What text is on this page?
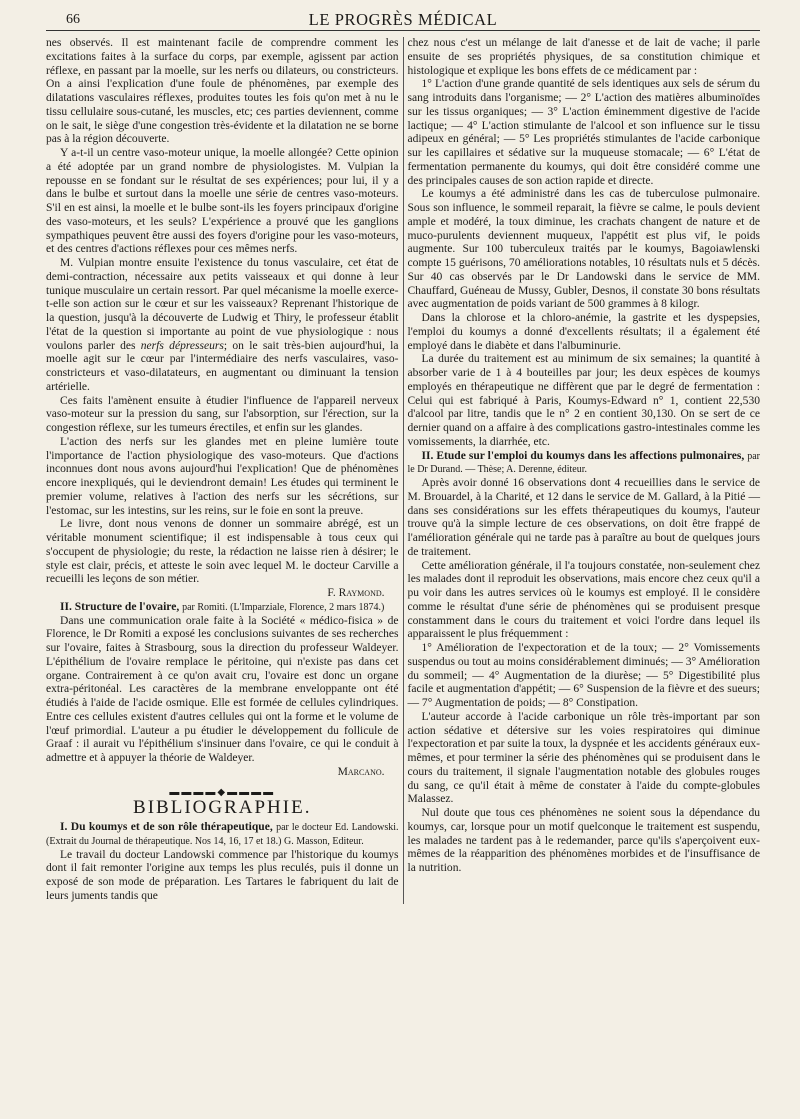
66	LE PROGRÈS MÉDICAL

nes observés. Il est maintenant facile de comprendre comment les excitations faites à la surface du corps, par exemple, agissent par action réflexe, en passant par la moelle, sur les nerfs ou dilateurs, ou constricteurs. On a ainsi l'explication d'une foule de phénomènes, par exemple des dilatations vasculaires réflexes, produites toutes les fois qu'on met à nu le tissu cellulaire sous-cutané, les muscles, etc; ces parties deviennent, comme on le sait, le siège d'une congestion très-évidente et la dilatation ne se borne pas à la région découverte.

Y a-t-il un centre vaso-moteur unique, la moelle allongée? Cette opinion a été adoptée par un grand nombre de physiologistes. M. Vulpian la repousse en se fondant sur le résultat de ses expériences; pour lui, il y a dans le bulbe et surtout dans la moelle une série de centres vaso-moteurs. S'il en est ainsi, la moelle et le bulbe sont-ils les foyers principaux d'origine des vaso-moteurs, et les seuls? L'expérience a prouvé que les ganglions sympathiques peuvent être aussi des foyers d'origine pour les vaso-moteurs, et des centres d'actions réflexes pour ces mêmes nerfs.

M. Vulpian montre ensuite l'existence du tonus vasculaire, cet état de demi-contraction, nécessaire aux petits vaisseaux et qui donne à leur tunique musculaire un certain ressort. Par quel mécanisme la moelle exerce-t-elle son action sur le cœur et sur les vaisseaux? Reprenant l'historique de la question, jusqu'à la découverte de Ludwig et Thiry, le professeur établit l'état de la question si importante au point de vue physiologique : nous voulons parler des nerfs dépresseurs; on le sait très-bien aujourd'hui, la moelle agit sur le cœur par l'intermédiaire des nerfs vasculaires, vaso-constricteurs et vaso-dilatateurs, en augmentant ou diminuant la tension artérielle.

Ces faits l'amènent ensuite à étudier l'influence de l'appareil nerveux vaso-moteur sur la pression du sang, sur l'absorption, sur l'érection, sur la congestion réflexe, sur les tumeurs érectiles, et enfin sur les glandes.

L'action des nerfs sur les glandes met en pleine lumière toute l'importance de l'action physiologique des vaso-moteurs. Que d'actions inconnues dont nous avons aujourd'hui l'explication! Que de phénomènes encore inexpliqués, qui le deviendront demain! Les études qui terminent le premier volume, relatives à l'action des nerfs sur les sécrétions, sur l'estomac, sur les intestins, sur les reins, sur le foie en sont la preuve.

Le livre, dont nous venons de donner un sommaire abrégé, est un véritable monument scientifique; il est indispensable à tous ceux qui s'occupent de physiologie; du reste, la rédaction ne laisse rien à désirer; le style est clair, précis, et atteste le soin avec lequel M. le docteur Carville a recueilli les leçons de son métier.

F. Raymond.

II. Structure de l'ovaire, par Romiti. (L'Imparziale, Florence, 2 mars 1874.)

Dans une communication orale faite à la Société « médico-fisica » de Florence, le Dr Romiti a exposé les conclusions suivantes de ses recherches sur l'ovaire, faites à Strasbourg, sous la direction du professeur Waldeyer. L'épithélium de l'ovaire remplace le péritoine, qui n'existe pas dans cet organe. Contrairement à ce qu'on avait cru, l'ovaire est donc un organe extra-péritonéal. Les caractères de la membrane enveloppante ont été étudiés à l'aide de l'acide osmique. Elle est formée de cellules cylindriques. Entre ces cellules existent d'autres cellules qui ont la forme et le volume de l'œuf primordial. L'auteur a pu étudier le développement du follicule de Graaf : il aurait vu l'épithélium s'insinuer dans l'ovaire, ce qui le conduit à admettre et à appuyer la théorie de Waldeyer.

Marcano.
▬▬▬▬◆▬▬▬▬
BIBLIOGRAPHIE.

I. Du koumys et de son rôle thérapeutique, par le docteur Ed. Landowski. (Extrait du Journal de thérapeutique. Nos 14, 16, 17 et 18.) G. Masson, Editeur.

Le travail du docteur Landowski commence par l'historique du koumys dont il fait remonter l'origine aux temps les plus reculés, puis il donne un exposé de son mode de préparation. Les Tartares le fabriquent du lait de leurs juments tandis que

chez nous c'est un mélange de lait d'anesse et de lait de vache; il parle ensuite de ses propriétés physiques, de sa constitution chimique et histologique et explique les bons effets de ce médicament par :

1° L'action d'une grande quantité de sels identiques aux sels de sérum du sang introduits dans l'organisme; — 2° L'action des matières albuminoïdes sur les tissus organiques; — 3° L'action éminemment digestive de l'acide lactique; — 4° L'action stimulante de l'alcool et son influence sur le tissu adipeux en général; — 5° Les propriétés stimulantes de l'acide carbonique sur les capillaires et sédative sur la muqueuse stomacale; — 6° L'état de fermentation permanente du koumys, qui doit être considéré comme une des principales causes de son action rapide et directe.

Le koumys a été administré dans les cas de tuberculose pulmonaire. Sous son influence, le sommeil reparait, la fièvre se calme, le pouls devient ample et modéré, la toux diminue, les crachats changent de nature et de muco-purulents deviennent muqueux, l'appétit est plus vif, le poids augmente. Sur 100 tuberculeux traités par le koumys, Bagoiawlenski compte 15 guérisons, 70 améliorations notables, 10 résultats nuls et 5 décès. Sur 40 cas observés par le Dr Landowski dans le service de MM. Chauffard, Guéneau de Mussy, Gubler, Desnos, il constate 30 bons résultats avec augmentation de poids variant de 500 grammes à 8 kilogr.

Dans la chlorose et la chloro-anémie, la gastrite et les dyspepsies, l'emploi du koumys a donné d'excellents résultats; il a également été employé dans le diabète et dans l'albuminurie.

La durée du traitement est au minimum de six semaines; la quantité à absorber varie de 1 à 4 bouteilles par jour; les deux espèces de koumys employés en thérapeutique ne diffèrent que par le degré de fermentation : Celui qui est fabriqué à Paris, Koumys-Edward n° 1, contient 22,530 d'alcool par litre, tandis que le n° 2 en contient 30,130. On se sert de ce dernier quand on a affaire à des complications gastro-intestinales comme les vomissements, la diarrhée, etc.

II. Etude sur l'emploi du koumys dans les affections pulmonaires, par le Dr Durand. — Thèse; A. Derenne, éditeur.

Après avoir donné 16 observations dont 4 recueillies dans le service de M. Brouardel, à la Charité, et 12 dans le service de M. Gallard, à la Pitié — dans ses considérations sur les effets thérapeutiques du koumys, l'auteur trouve qu'à la simple lecture de ces observations, on doit être frappé de l'amélioration générale qui ne tarde pas à paraître au bout de quelques jours de traitement.

Cette amélioration générale, il l'a toujours constatée, non-seulement chez les malades dont il reproduit les observations, mais encore chez ceux qu'il a pu voir dans les autres services où le koumys est employé. Il le considère comme le résultat d'une série de phénomènes qui se produisent presque constamment dans le cours du traitement et voici l'ordre dans lequel ils apparaissent le plus fréquemment :

1° Amélioration de l'expectoration et de la toux; — 2° Vomissements suspendus ou tout au moins considérablement diminués; — 3° Amélioration du sommeil; — 4° Augmentation de la diurèse; — 5° Digestibilité plus facile et augmentation d'appétit; — 6° Suspension de la fièvre et des sueurs; — 7° Augmentation de poids; — 8° Constipation.

L'auteur accorde à l'acide carbonique un rôle très-important par son action sédative et détersive sur les voies respiratoires qui diminue l'expectoration et par suite la toux, la dyspnée et les accidents généraux eux-mêmes, et pour terminer la série des phénomènes qui se produisent dans le cours du traitement, il signale l'augmentation notable des globules rouges du sang, ce qu'il était à même de constater à l'aide du compte-globules Malassez.

Nul doute que tous ces phénomènes ne soient sous la dépendance du koumys, car, lorsque pour un motif quelconque le traitement est suspendu, les malades ne tardent pas à le redemander, parce qu'ils s'aperçoivent eux-mêmes de la réapparition des phénomènes morbides et de l'insuffisance de la nutrition.
